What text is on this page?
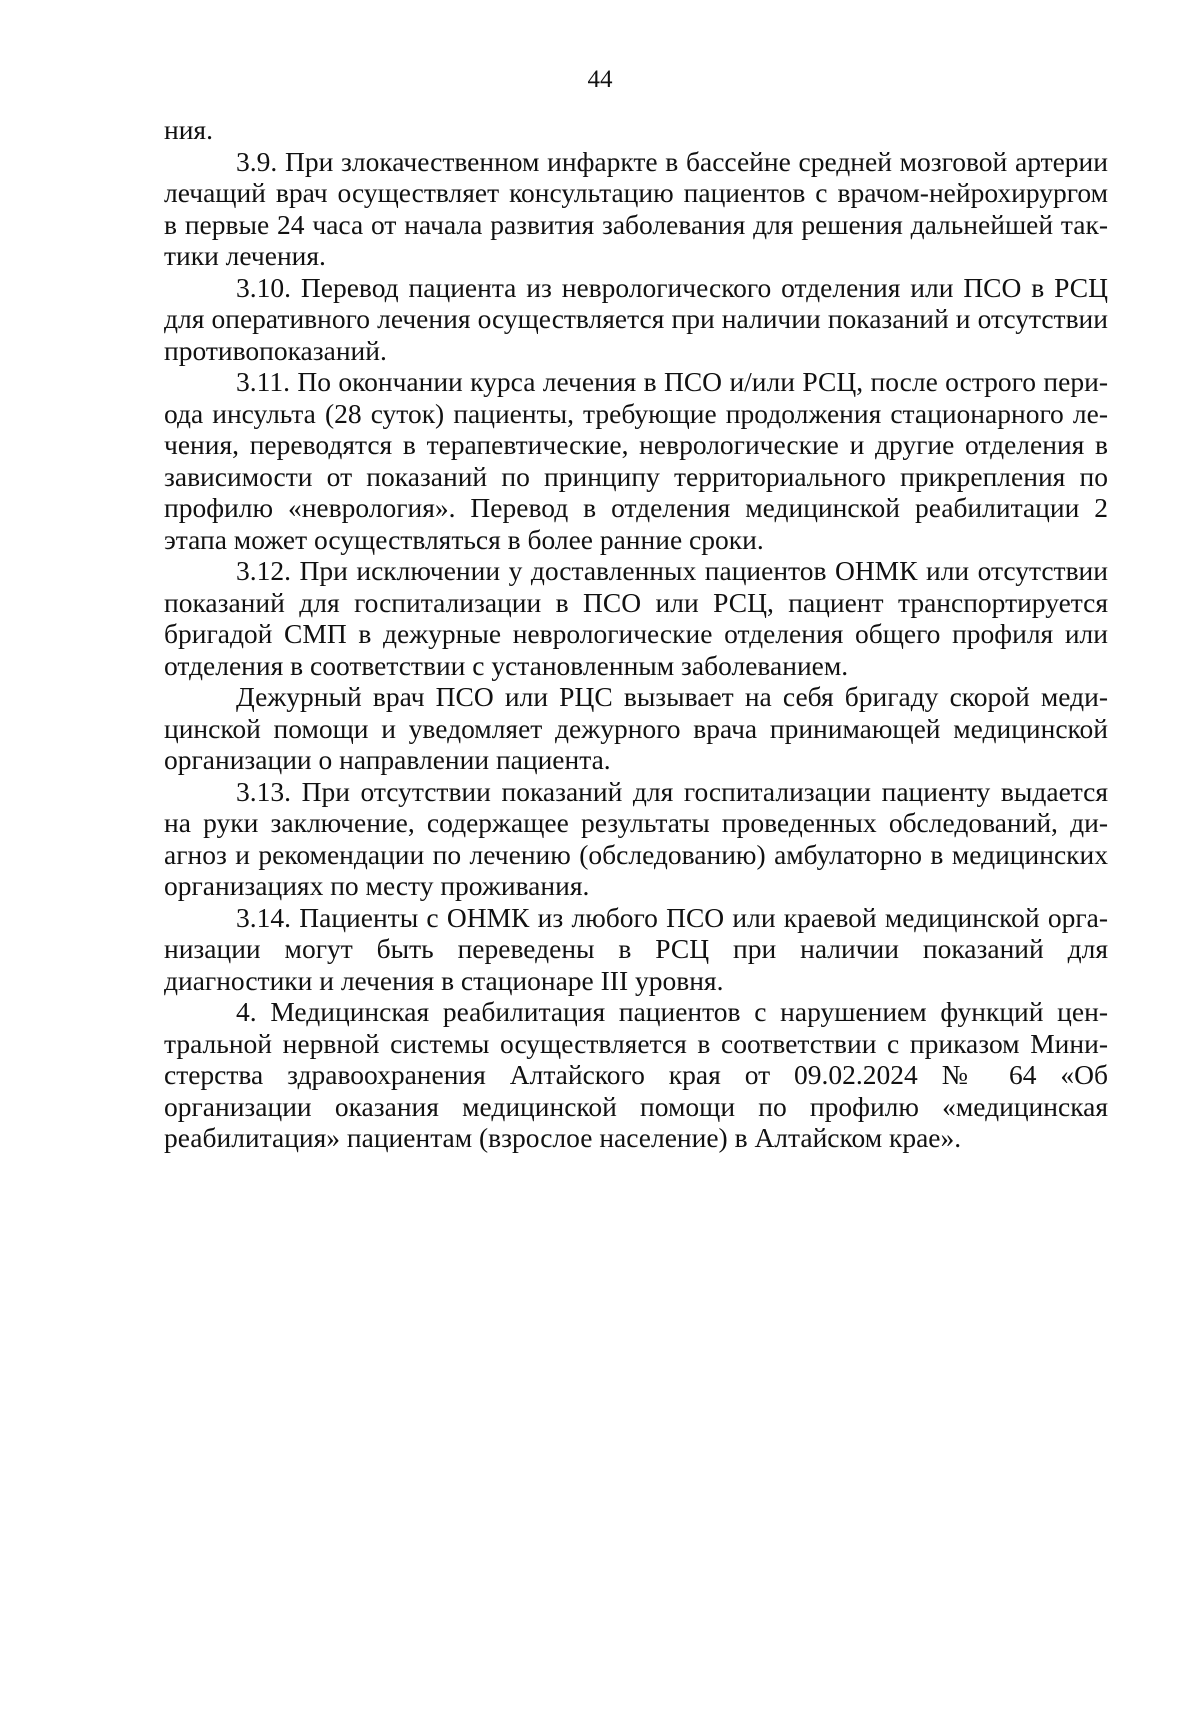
44

ния.

3.9. При злокачественном инфаркте в бассейне средней мозговой артерии лечащий врач осуществляет консультацию пациентов с врачом-нейрохирургом в первые 24 часа от начала развития заболевания для решения дальнейшей тактики лечения.

3.10. Перевод пациента из неврологического отделения или ПСО в РСЦ для оперативного лечения осуществляется при наличии показаний и отсутствии противопоказаний.

3.11. По окончании курса лечения в ПСО и/или РСЦ, после острого периода инсульта (28 суток) пациенты, требующие продолжения стационарного лечения, переводятся в терапевтические, неврологические и другие отделения в зависимости от показаний по принципу территориального прикрепления по профилю «неврология». Перевод в отделения медицинской реабилитации 2 этапа может осуществляться в более ранние сроки.

3.12. При исключении у доставленных пациентов ОНМК или отсутствии показаний для госпитализации в ПСО или РСЦ, пациент транспортируется бригадой СМП в дежурные неврологические отделения общего профиля или отделения в соответствии с установленным заболеванием.

Дежурный врач ПСО или РЦС вызывает на себя бригаду скорой медицинской помощи и уведомляет дежурного врача принимающей медицинской организации о направлении пациента.

3.13. При отсутствии показаний для госпитализации пациенту выдается на руки заключение, содержащее результаты проведенных обследований, диагноз и рекомендации по лечению (обследованию) амбулаторно в медицинских организациях по месту проживания.

3.14. Пациенты с ОНМК из любого ПСО или краевой медицинской организации могут быть переведены в РСЦ при наличии показаний для диагностики и лечения в стационаре III уровня.

4. Медицинская реабилитация пациентов с нарушением функций центральной нервной системы осуществляется в соответствии с приказом Министерства здравоохранения Алтайского края от 09.02.2024 № 64 «Об организации оказания медицинской помощи по профилю «медицинская реабилитация» пациентам (взрослое население) в Алтайском крае».
